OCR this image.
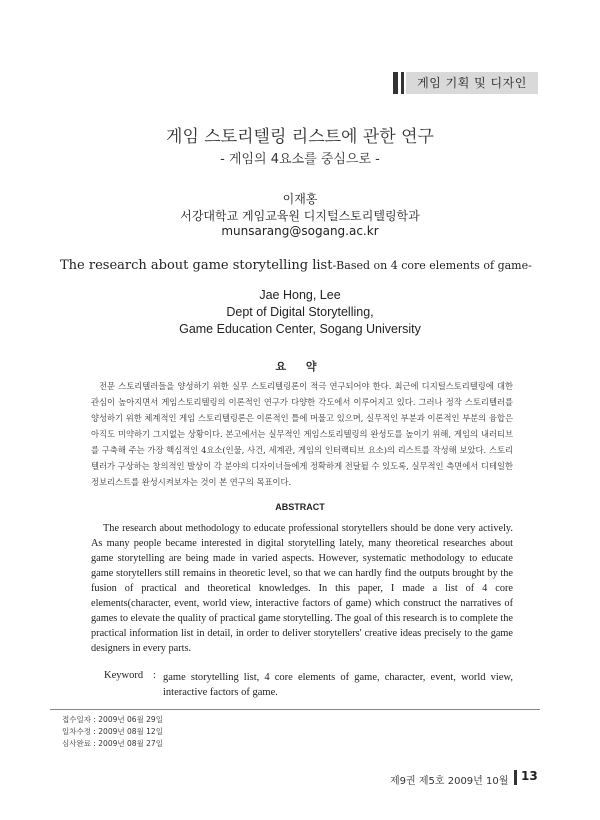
게임 기획 및 디자인
게임 스토리텔링 리스트에 관한 연구
- 게임의 4요소를 중심으로 -
이재홍
서강대학교 게임교육원 디지털스토리텔링학과
munsarang@sogang.ac.kr
The research about game storytelling list-Based on 4 core elements of game-
Jae Hong, Lee
Dept of Digital Storytelling,
Game Education Center, Sogang University
요 약
전문 스토리텔러들을 양성하기 위한 실무 스토리텔링론이 적극 연구되어야 한다. 최근에 디지털스토리텔링에 대한 관심이 높아지면서 게임스토리텔링의 이론적인 연구가 다양한 각도에서 이루어지고 있다. 그러나 정작 스토리텔러를 양성하기 위한 체계적인 게임 스토리텔링론은 이론적인 틀에 머물고 있으며, 실무적인 부분과 이론적인 부분의 융합은 아직도 미약하기 그지없는 상황이다. 본고에서는 실무적인 게임스토리텔링의 완성도를 높이기 위해, 게임의 내러티브를 구축해 주는 가장 핵심적인 4요소(인물, 사건, 세계관, 게임의 인터랙티브 요소)의 리스트를 작성해 보았다. 스토리텔러가 구상하는 창의적인 발상이 각 분야의 디자이너들에게 정확하게 전달될 수 있도록, 실무적인 측면에서 디테일한 정보리스트를 완성시켜보자는 것이 본 연구의 목표이다.
ABSTRACT
The research about methodology to educate professional storytellers should be done very actively. As many people became interested in digital storytelling lately, many theoretical researches about game storytelling are being made in varied aspects. However, systematic methodology to educate game storytellers still remains in theoretic level, so that we can hardly find the outputs brought by the fusion of practical and theoretical knowledges. In this paper, I made a list of 4 core elements(character, event, world view, interactive factors of game) which construct the narratives of games to elevate the quality of practical game storytelling. The goal of this research is to complete the practical information list in detail, in order to deliver storytellers' creative ideas precisely to the game designers in every parts.
Keyword : game storytelling list, 4 core elements of game, character, event, world view, interactive factors of game.
접수일자 : 2009년 06월 29일
일차수정 : 2009년 08월 12일
심사완료 : 2009년 08월 27일
제9권 제5호 2009년 10월 13
